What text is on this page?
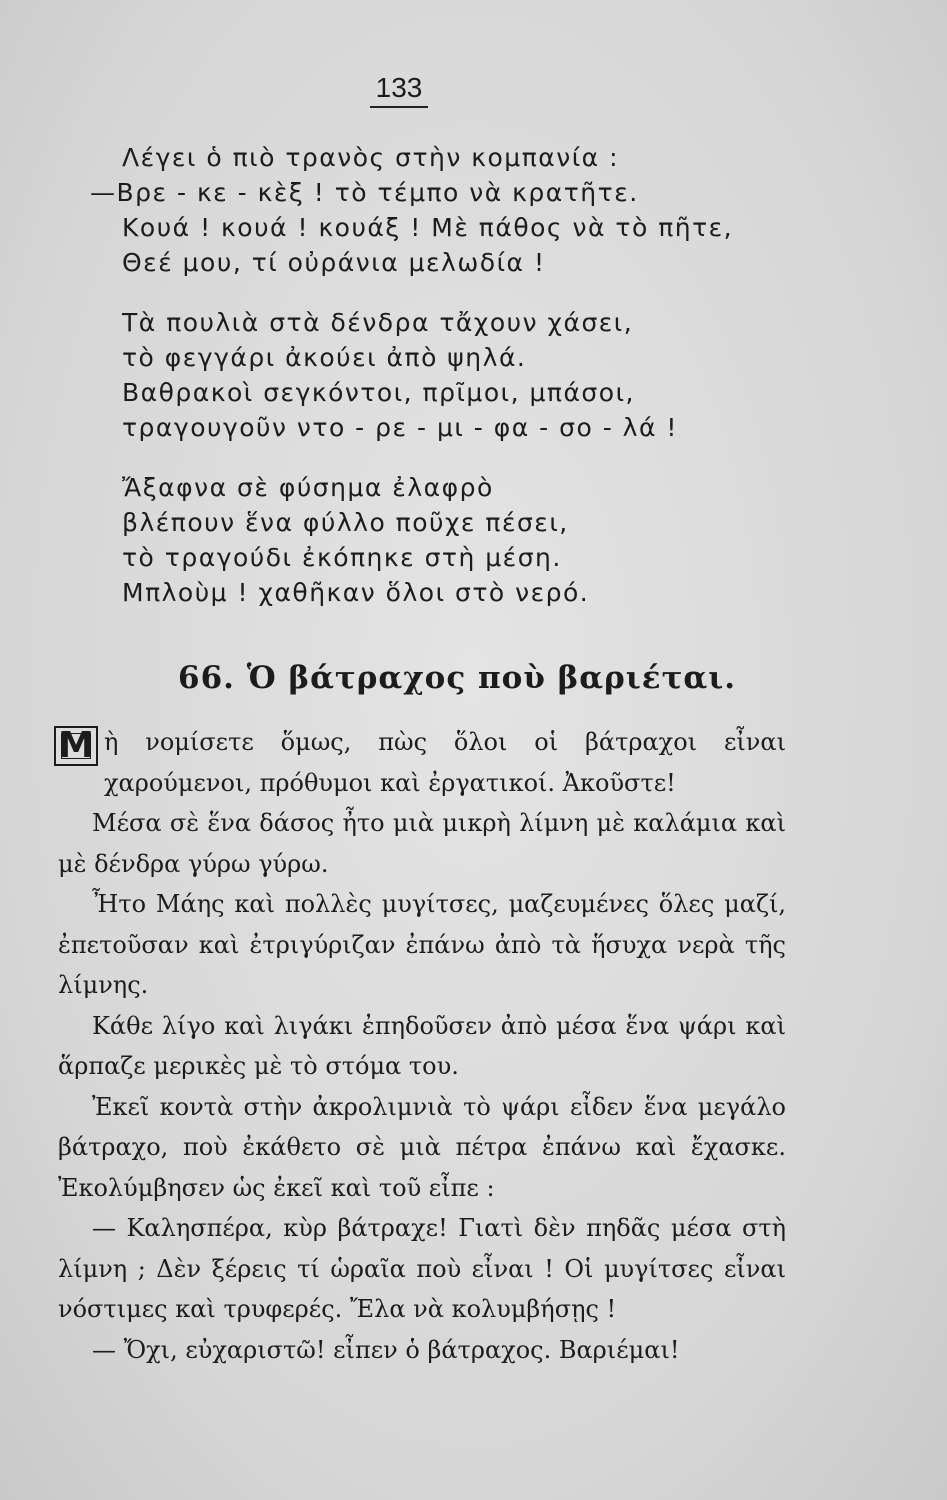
133
Λέγει ὁ πιὸ τρανὸς στὴν κομπανία :
—Βρε - κε - κὲξ ! τὸ τέμπο νὰ κρατῆτε.
Κουά ! κουά ! κουάξ ! Μὲ πάθος νὰ τὸ πῆτε,
Θεέ μου, τί οὐράνια μελωδία !
Τὰ πουλιὰ στὰ δένδρα τἄχουν χάσει,
τὸ φεγγάρι ἀκούει ἀπὸ ψηλά.
Βαθρακοὶ σεγκόντοι, πρῖμοι, μπάσοι,
τραγουγοῦν ντο - ρε - μι - φα - σο - λά !
Ἄξαφνα σὲ φύσημα ἐλαφρὸ
βλέπουν ἕνα φύλλο ποῦχε πέσει,
τὸ τραγούδι ἐκόπηκε στὴ μέση.
Μπλοὺμ ! χαθῆκαν ὅλοι στὸ νερό.
66. Ὁ βάτραχος ποὺ βαριέται.

Μ ὴ νομίσετε ὅμως, πὼς ὅλοι οἱ βάτραχοι εἶναι χαρούμενοι, πρόθυμοι καὶ ἐργατικοί. Ἀκοῦστε!

Μέσα σὲ ἕνα δάσος ἦτο μιὰ μικρὴ λίμνη μὲ καλάμια καὶ μὲ δένδρα γύρω γύρω.

Ἦτο Μάης καὶ πολλὲς μυγίτσες, μαζευμένες ὅλες μαζί, ἐπετοῦσαν καὶ ἐτριγύριζαν ἐπάνω ἀπὸ τὰ ἥσυχα νερὰ τῆς λίμνης.

Κάθε λίγο καὶ λιγάκι ἐπηδοῦσεν ἀπὸ μέσα ἕνα ψάρι καὶ ἅρπαζε μερικὲς μὲ τὸ στόμα του.

Ἐκεῖ κοντὰ στὴν ἀκρολιμνιὰ τὸ ψάρι εἶδεν ἕνα μεγάλο βάτραχο, ποὺ ἐκάθετο σὲ μιὰ πέτρα ἐπάνω καὶ ἔχασκε. Ἐκολύμβησεν ὡς ἐκεῖ καὶ τοῦ εἶπε :

— Καλησπέρα, κὺρ βάτραχε! Γιατὶ δὲν πηδᾶς μέσα στὴ λίμνη ; Δὲν ξέρεις τί ὡραῖα ποὺ εἶναι ! Οἱ μυγίτσες εἶναι νόστιμες καὶ τρυφερές. Ἔλα νὰ κολυμβήσῃς !

— Ὄχι, εὐχαριστῶ! εἶπεν ὁ βάτραχος. Βαριέμαι!
